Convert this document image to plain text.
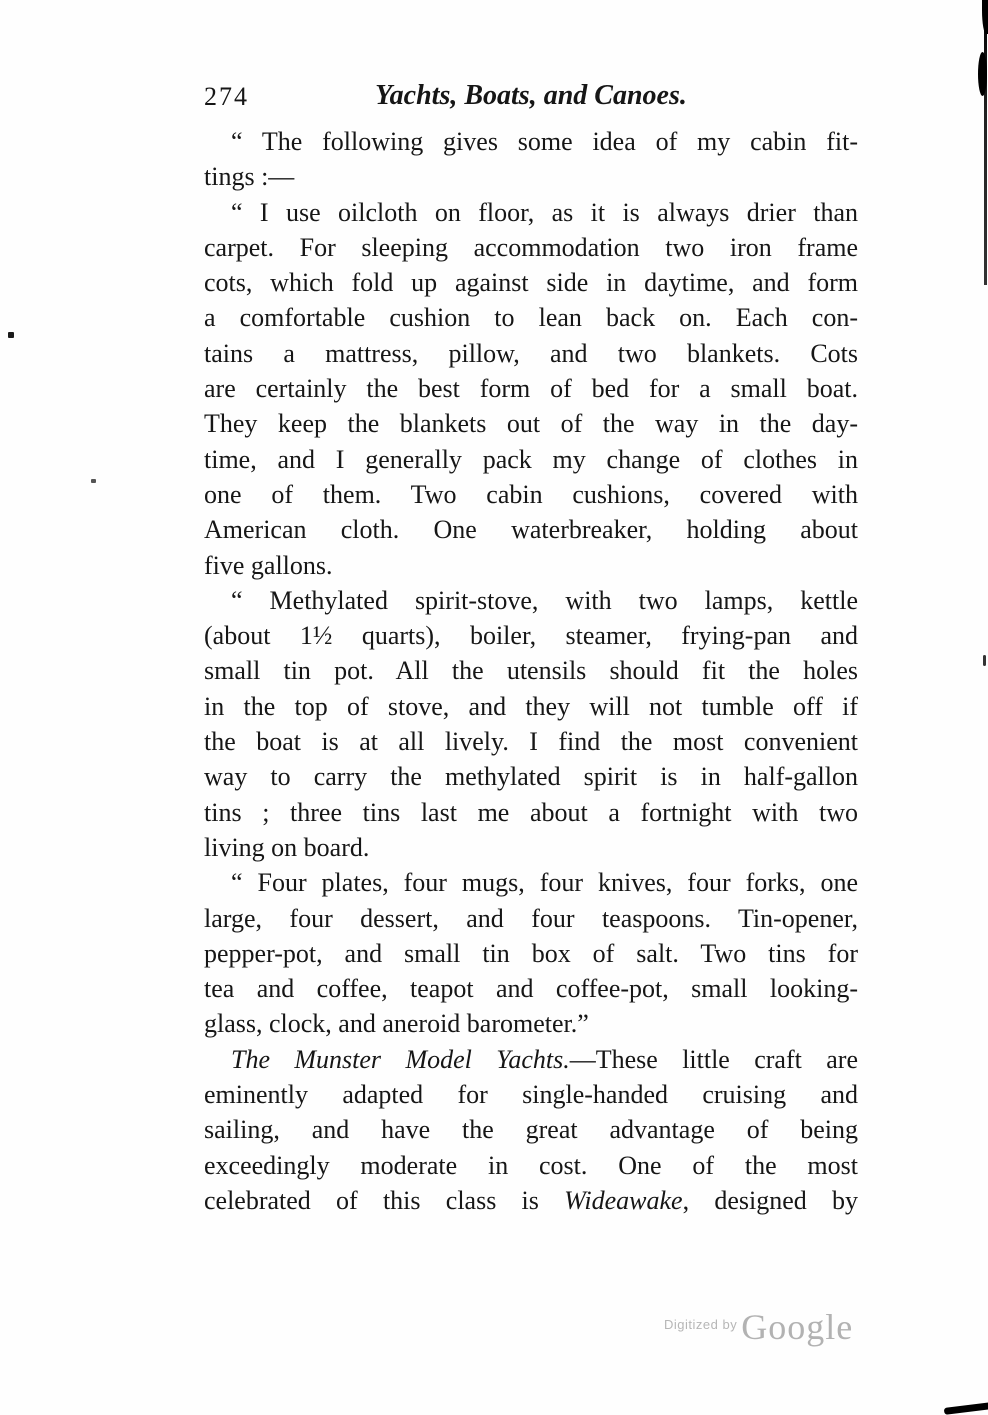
274	Yachts, Boats, and Canoes.
“ The following gives some idea of my cabin fit-
tings :—
“ I use oilcloth on floor, as it is always drier than
carpet. For sleeping accommodation two iron frame
cots, which fold up against side in daytime, and form
a comfortable cushion to lean back on. Each con-
tains a mattress, pillow, and two blankets. Cots
are certainly the best form of bed for a small boat.
They keep the blankets out of the way in the day-
time, and I generally pack my change of clothes in
one of them. Two cabin cushions, covered with
American cloth. One waterbreaker, holding about
five gallons.
“ Methylated spirit-stove, with two lamps, kettle
(about 1½ quarts), boiler, steamer, frying-pan and
small tin pot. All the utensils should fit the holes
in the top of stove, and they will not tumble off if
the boat is at all lively. I find the most convenient
way to carry the methylated spirit is in half-gallon
tins ; three tins last me about a fortnight with two
living on board.
“ Four plates, four mugs, four knives, four forks, one
large, four dessert, and four teaspoons. Tin-opener,
pepper-pot, and small tin box of salt. Two tins for
tea and coffee, teapot and coffee-pot, small looking-
glass, clock, and aneroid barometer.”
The Munster Model Yachts.—These little craft are
eminently adapted for single-handed cruising and
sailing, and have the great advantage of being
exceedingly moderate in cost. One of the most
celebrated of this class is Wideawake, designed by
$^{Digitized by}$ Google
